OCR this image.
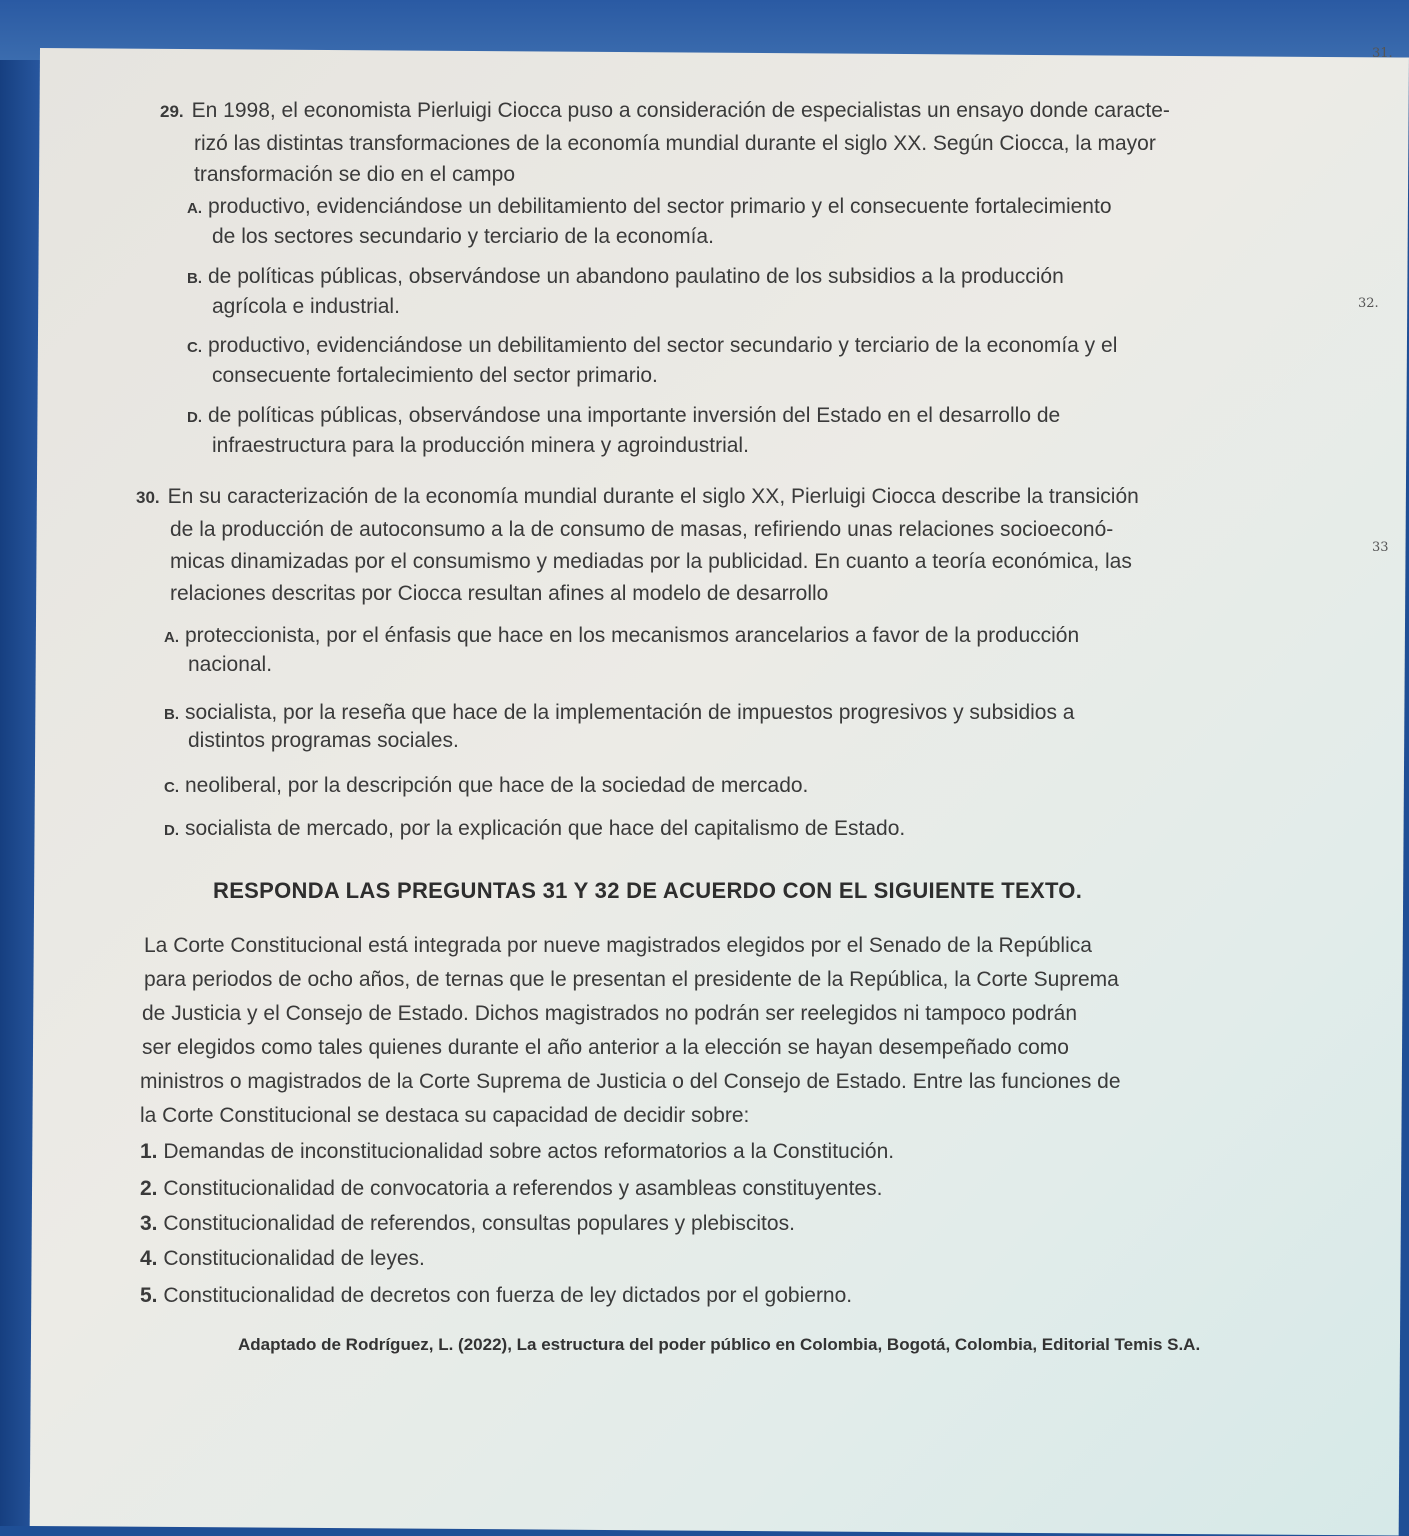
31.
32.
33
29. En 1998, el economista Pierluigi Ciocca puso a consideración de especialistas un ensayo donde caracte-
rizó las distintas transformaciones de la economía mundial durante el siglo XX. Según Ciocca, la mayor
transformación se dio en el campo
A. productivo, evidenciándose un debilitamiento del sector primario y el consecuente fortalecimiento
de los sectores secundario y terciario de la economía.
B. de políticas públicas, observándose un abandono paulatino de los subsidios a la producción
agrícola e industrial.
C. productivo, evidenciándose un debilitamiento del sector secundario y terciario de la economía y el
consecuente fortalecimiento del sector primario.
D. de políticas públicas, observándose una importante inversión del Estado en el desarrollo de
infraestructura para la producción minera y agroindustrial.
30. En su caracterización de la economía mundial durante el siglo XX, Pierluigi Ciocca describe la transición
de la producción de autoconsumo a la de consumo de masas, refiriendo unas relaciones socioeconó-
micas dinamizadas por el consumismo y mediadas por la publicidad. En cuanto a teoría económica, las
relaciones descritas por Ciocca resultan afines al modelo de desarrollo
A. proteccionista, por el énfasis que hace en los mecanismos arancelarios a favor de la producción
nacional.
B. socialista, por la reseña que hace de la implementación de impuestos progresivos y subsidios a
distintos programas sociales.
C. neoliberal, por la descripción que hace de la sociedad de mercado.
D. socialista de mercado, por la explicación que hace del capitalismo de Estado.
RESPONDA LAS PREGUNTAS 31 Y 32 DE ACUERDO CON EL SIGUIENTE TEXTO.
La Corte Constitucional está integrada por nueve magistrados elegidos por el Senado de la República
para periodos de ocho años, de ternas que le presentan el presidente de la República, la Corte Suprema
de Justicia y el Consejo de Estado. Dichos magistrados no podrán ser reelegidos ni tampoco podrán
ser elegidos como tales quienes durante el año anterior a la elección se hayan desempeñado como
ministros o magistrados de la Corte Suprema de Justicia o del Consejo de Estado. Entre las funciones de
la Corte Constitucional se destaca su capacidad de decidir sobre:
1. Demandas de inconstitucionalidad sobre actos reformatorios a la Constitución.
2. Constitucionalidad de convocatoria a referendos y asambleas constituyentes.
3. Constitucionalidad de referendos, consultas populares y plebiscitos.
4. Constitucionalidad de leyes.
5. Constitucionalidad de decretos con fuerza de ley dictados por el gobierno.
Adaptado de Rodríguez, L. (2022), La estructura del poder público en Colombia, Bogotá, Colombia, Editorial Temis S.A.
